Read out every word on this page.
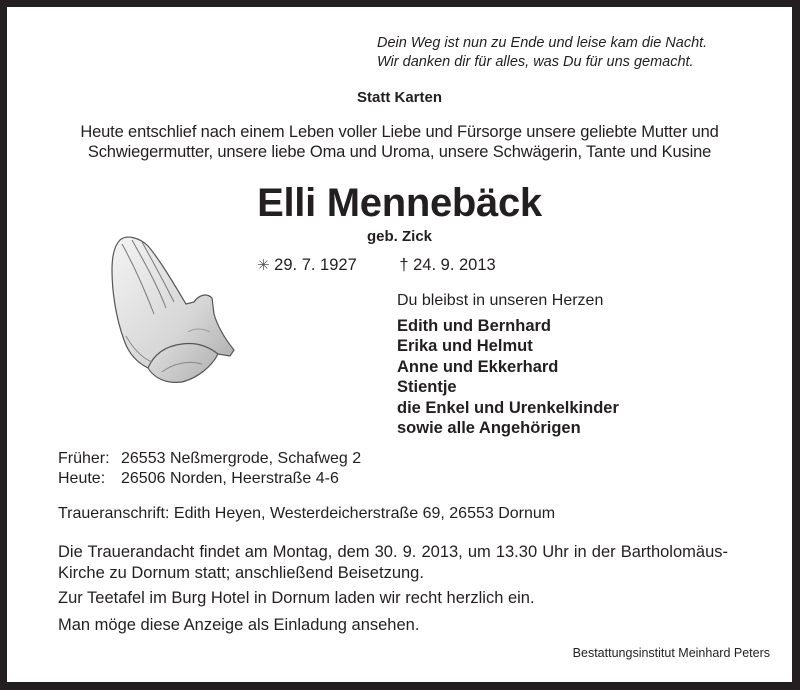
Dein Weg ist nun zu Ende und leise kam die Nacht.
Wir danken dir für alles, was Du für uns gemacht.
Statt Karten
Heute entschlief nach einem Leben voller Liebe und Fürsorge unsere geliebte Mutter und
Schwiegermutter, unsere liebe Oma und Uroma, unsere Schwägerin, Tante und Kusine
Elli Mennebäck
geb. Zick
✳ 29. 7. 1927	† 24. 9. 2013
Du bleibst in unseren Herzen
Edith und Bernhard
Erika und Helmut
Anne und Ekkerhard
Stientje
die Enkel und Urenkelkinder
sowie alle Angehörigen
Früher: 26553 Neßmergrode, Schafweg 2
Heute: 26506 Norden, Heerstraße 4-6
Traueranschrift: Edith Heyen, Westerdeicherstraße 69, 26553 Dornum
Die Trauerandacht findet am Montag, dem 30. 9. 2013, um 13.30 Uhr in der Bartholomäus-Kirche zu Dornum statt; anschließend Beisetzung.
Zur Teetafel im Burg Hotel in Dornum laden wir recht herzlich ein.
Man möge diese Anzeige als Einladung ansehen.
Bestattungsinstitut Meinhard Peters
